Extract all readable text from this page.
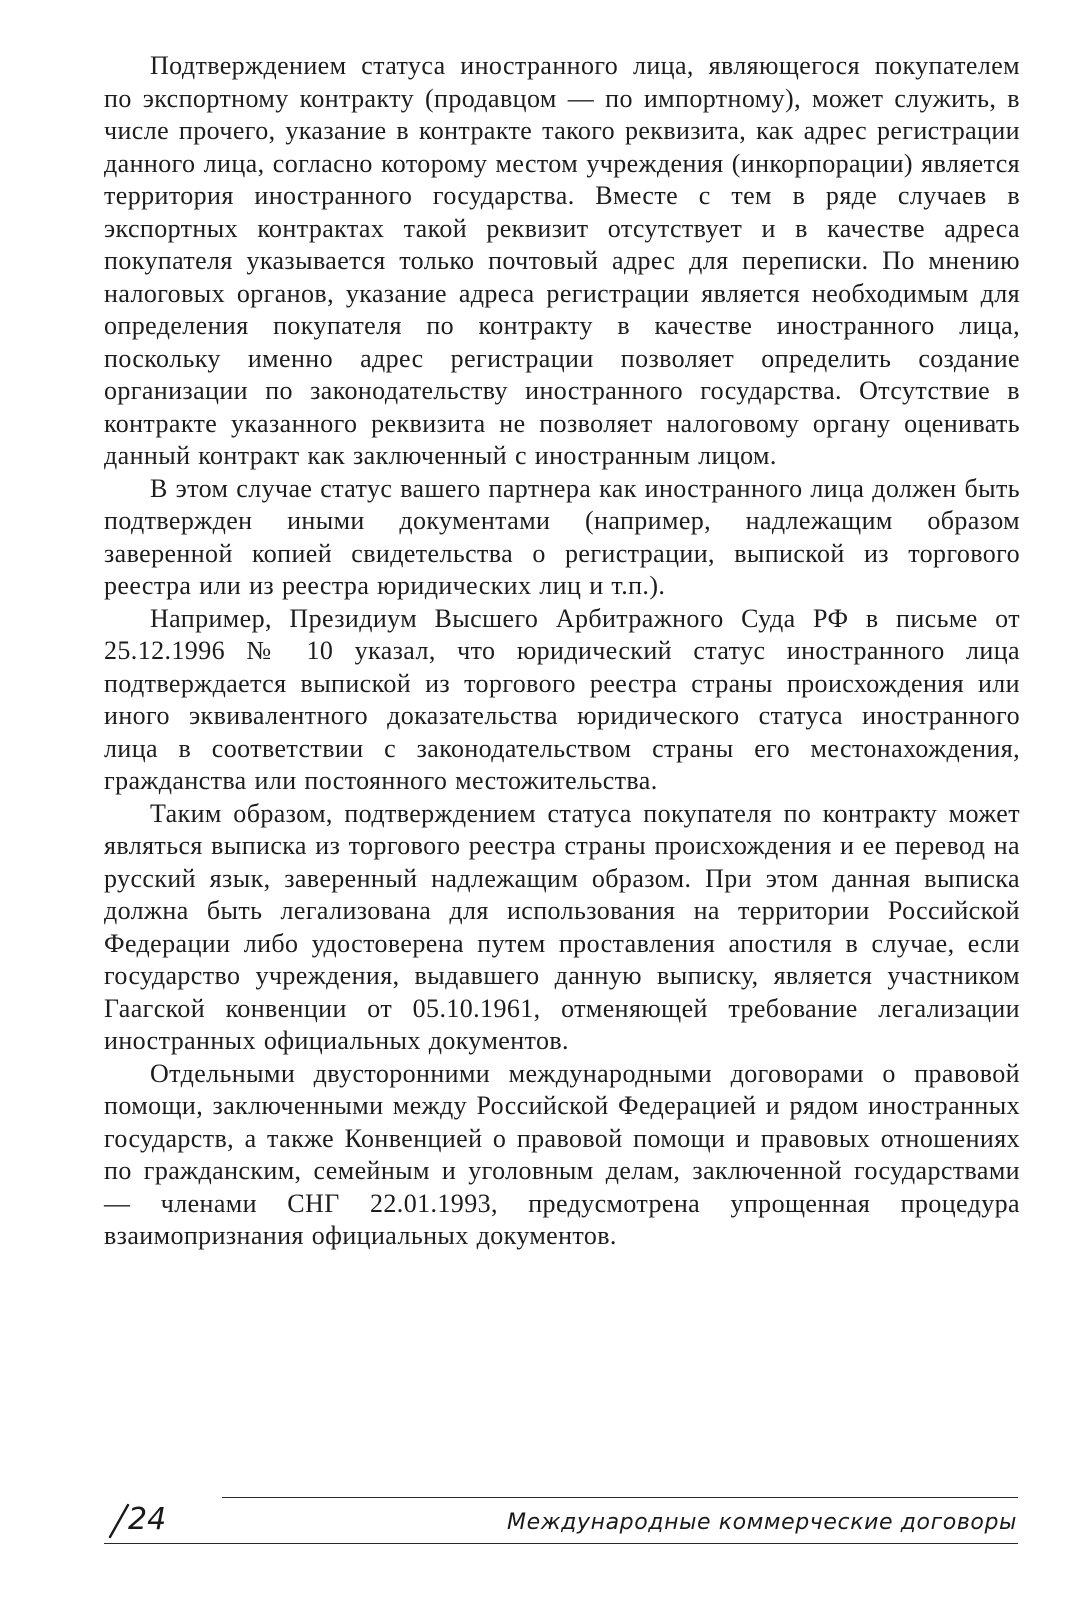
Подтверждением статуса иностранного лица, являющегося покупателем по экспортному контракту (продавцом — по импортному), может служить, в числе прочего, указание в контракте такого реквизита, как адрес регистрации данного лица, согласно которому местом учреждения (инкорпорации) является территория иностранного государства. Вместе с тем в ряде случаев в экспортных контрактах такой реквизит отсутствует и в качестве адреса покупателя указывается только почтовый адрес для переписки. По мнению налоговых органов, указание адреса регистрации является необходимым для определения покупателя по контракту в качестве иностранного лица, поскольку именно адрес регистрации позволяет определить создание организации по законодательству иностранного государства. Отсутствие в контракте указанного реквизита не позволяет налоговому органу оценивать данный контракт как заключенный с иностранным лицом.

В этом случае статус вашего партнера как иностранного лица должен быть подтвержден иными документами (например, надлежащим образом заверенной копией свидетельства о регистрации, выпиской из торгового реестра или из реестра юридических лиц и т.п.).

Например, Президиум Высшего Арбитражного Суда РФ в письме от 25.12.1996 № 10 указал, что юридический статус иностранного лица подтверждается выпиской из торгового реестра страны происхождения или иного эквивалентного доказательства юридического статуса иностранного лица в соответствии с законодательством страны его местонахождения, гражданства или постоянного местожительства.

Таким образом, подтверждением статуса покупателя по контракту может являться выписка из торгового реестра страны происхождения и ее перевод на русский язык, заверенный надлежащим образом. При этом данная выписка должна быть легализована для использования на территории Российской Федерации либо удостоверена путем проставления апостиля в случае, если государство учреждения, выдавшего данную выписку, является участником Гаагской конвенции от 05.10.1961, отменяющей требование легализации иностранных официальных документов.

Отдельными двусторонними международными договорами о правовой помощи, заключенными между Российской Федерацией и рядом иностранных государств, а также Конвенцией о правовой помощи и правовых отношениях по гражданским, семейным и уголовным делам, заключенной государствами — членами СНГ 22.01.1993, предусмотрена упрощенная процедура взаимопризнания официальных документов.

24	Международные коммерческие договоры
